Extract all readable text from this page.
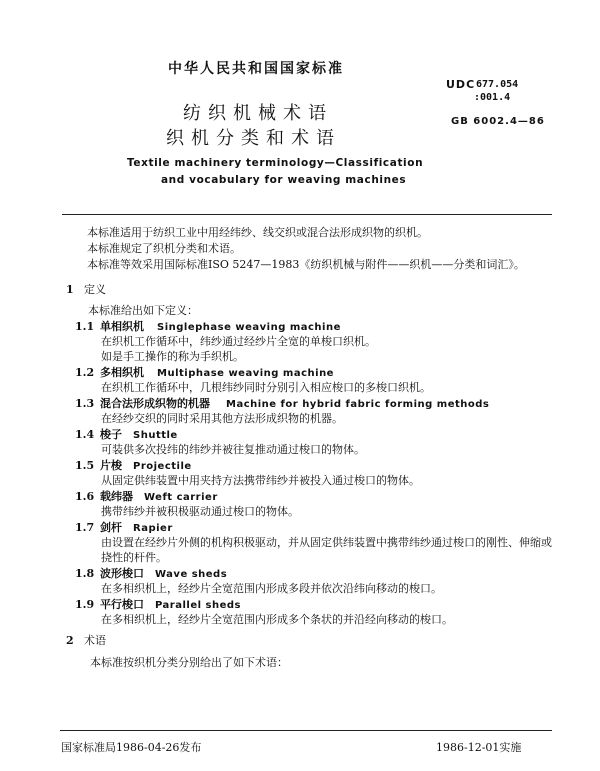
中华人民共和国国家标准
UDC 677.054
:001.4
GB 6002.4—86
纺织机械术语
织机分类和术语
Textile machinery terminology—Classification
and vocabulary for weaving machines
本标准适用于纺织工业中用经纬纱、线交织或混合法形成织物的织机。
本标准规定了织机分类和术语。
本标准等效采用国际标准ISO 5247—1983《纺织机械与附件——织机——分类和词汇》。
1 定义
本标准给出如下定义：
1.1 单相织机 Singlephase weaving machine
在织机工作循环中，纬纱通过经纱片全宽的单梭口织机。
如是手工操作的称为手织机。
1.2 多相织机 Multiphase weaving machine
在织机工作循环中，几根纬纱同时分别引入相应梭口的多梭口织机。
1.3 混合法形成织物的机器 Machine for hybrid fabric forming methods
在经纱交织的同时采用其他方法形成织物的机器。
1.4 梭子 Shuttle
可装供多次投纬的纬纱并被往复推动通过梭口的物体。
1.5 片梭 Projectile
从固定供纬装置中用夹持方法携带纬纱并被投入通过梭口的物体。
1.6 载纬器 Weft carrier
携带纬纱并被积极驱动通过梭口的物体。
1.7 剑杆 Rapier
由设置在经纱片外侧的机构积极驱动，并从固定供纬装置中携带纬纱通过梭口的刚性、伸缩或
挠性的杆件。
1.8 波形梭口 Wave sheds
在多相织机上，经纱片全宽范围内形成多段并依次沿纬向移动的梭口。
1.9 平行梭口 Parallel sheds
在多相织机上，经纱片全宽范围内形成多个条状的并沿经向移动的梭口。
2 术语
本标准按织机分类分别给出了如下术语：
国家标准局1986-04-26发布	1986-12-01实施
